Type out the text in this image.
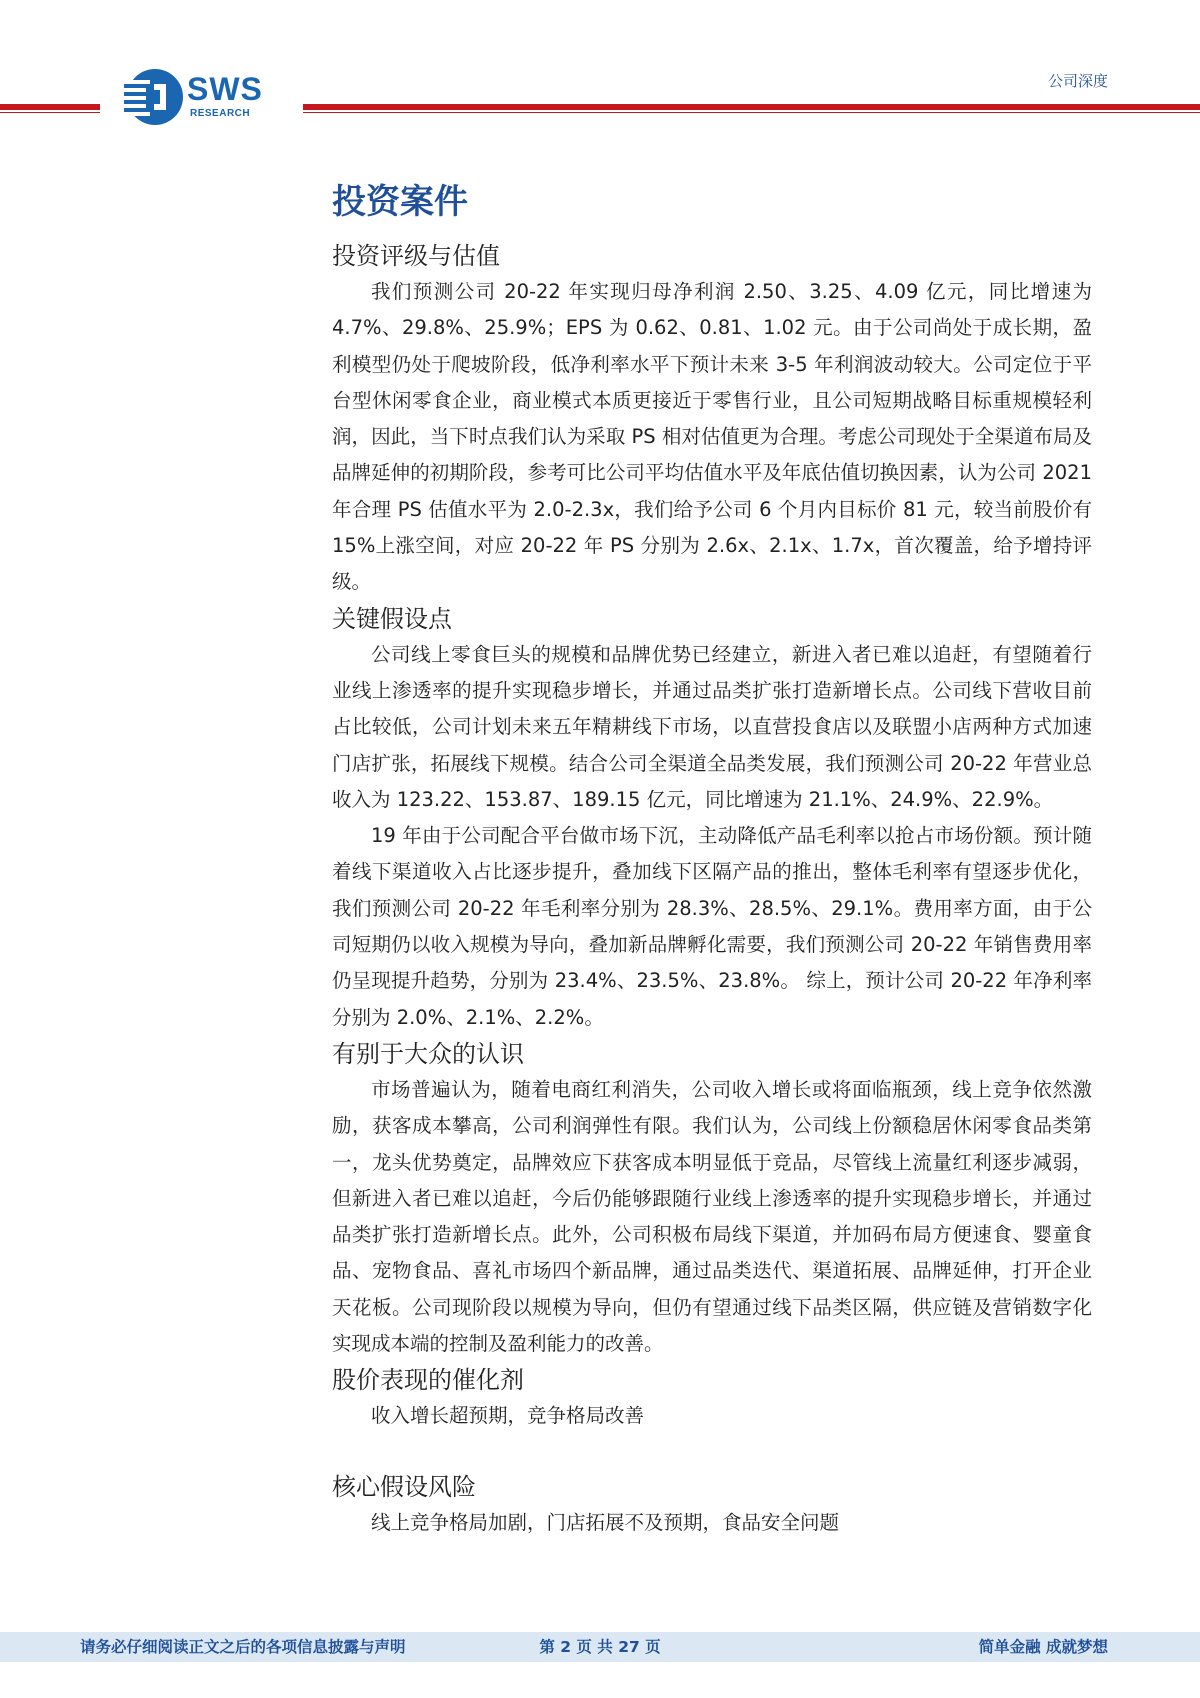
SWS
RESEARCH
公司深度
投资案件
投资评级与估值

我们预测公司 20-22 年实现归母净利润 2.50、3.25、4.09 亿元，同比增速为 4.7%、29.8%、25.9%；EPS 为 0.62、0.81、1.02 元。由于公司尚处于成长期，盈利模型仍处于爬坡阶段，低净利率水平下预计未来 3-5 年利润波动较大。公司定位于平台型休闲零食企业，商业模式本质更接近于零售行业，且公司短期战略目标重规模轻利润，因此，当下时点我们认为采取 PS 相对估值更为合理。考虑公司现处于全渠道布局及品牌延伸的初期阶段，参考可比公司平均估值水平及年底估值切换因素，认为公司 2021 年合理 PS 估值水平为 2.0-2.3x，我们给予公司 6 个月内目标价 81 元，较当前股价有 15%上涨空间，对应 20-22 年 PS 分别为 2.6x、2.1x、1.7x，首次覆盖，给予增持评级。

关键假设点

公司线上零食巨头的规模和品牌优势已经建立，新进入者已难以追赶，有望随着行业线上渗透率的提升实现稳步增长，并通过品类扩张打造新增长点。公司线下营收目前占比较低，公司计划未来五年精耕线下市场，以直营投食店以及联盟小店两种方式加速门店扩张，拓展线下规模。结合公司全渠道全品类发展，我们预测公司 20-22 年营业总收入为 123.22、153.87、189.15 亿元，同比增速为 21.1%、24.9%、22.9%。

19 年由于公司配合平台做市场下沉，主动降低产品毛利率以抢占市场份额。预计随着线下渠道收入占比逐步提升，叠加线下区隔产品的推出，整体毛利率有望逐步优化，我们预测公司 20-22 年毛利率分别为 28.3%、28.5%、29.1%。费用率方面，由于公司短期仍以收入规模为导向，叠加新品牌孵化需要，我们预测公司 20-22 年销售费用率仍呈现提升趋势，分别为 23.4%、23.5%、23.8%。 综上，预计公司 20-22 年净利率分别为 2.0%、2.1%、2.2%。

有别于大众的认识

市场普遍认为，随着电商红利消失，公司收入增长或将面临瓶颈，线上竞争依然激励，获客成本攀高，公司利润弹性有限。我们认为，公司线上份额稳居休闲零食品类第一，龙头优势奠定，品牌效应下获客成本明显低于竞品，尽管线上流量红利逐步减弱，但新进入者已难以追赶，今后仍能够跟随行业线上渗透率的提升实现稳步增长，并通过品类扩张打造新增长点。此外，公司积极布局线下渠道，并加码布局方便速食、婴童食品、宠物食品、喜礼市场四个新品牌，通过品类迭代、渠道拓展、品牌延伸，打开企业天花板。公司现阶段以规模为导向，但仍有望通过线下品类区隔，供应链及营销数字化实现成本端的控制及盈利能力的改善。

股价表现的催化剂

收入增长超预期，竞争格局改善

核心假设风险

线上竞争格局加剧，门店拓展不及预期，食品安全问题

请务必仔细阅读正文之后的各项信息披露与声明	第 2 页 共 27 页	简单金融 成就梦想
